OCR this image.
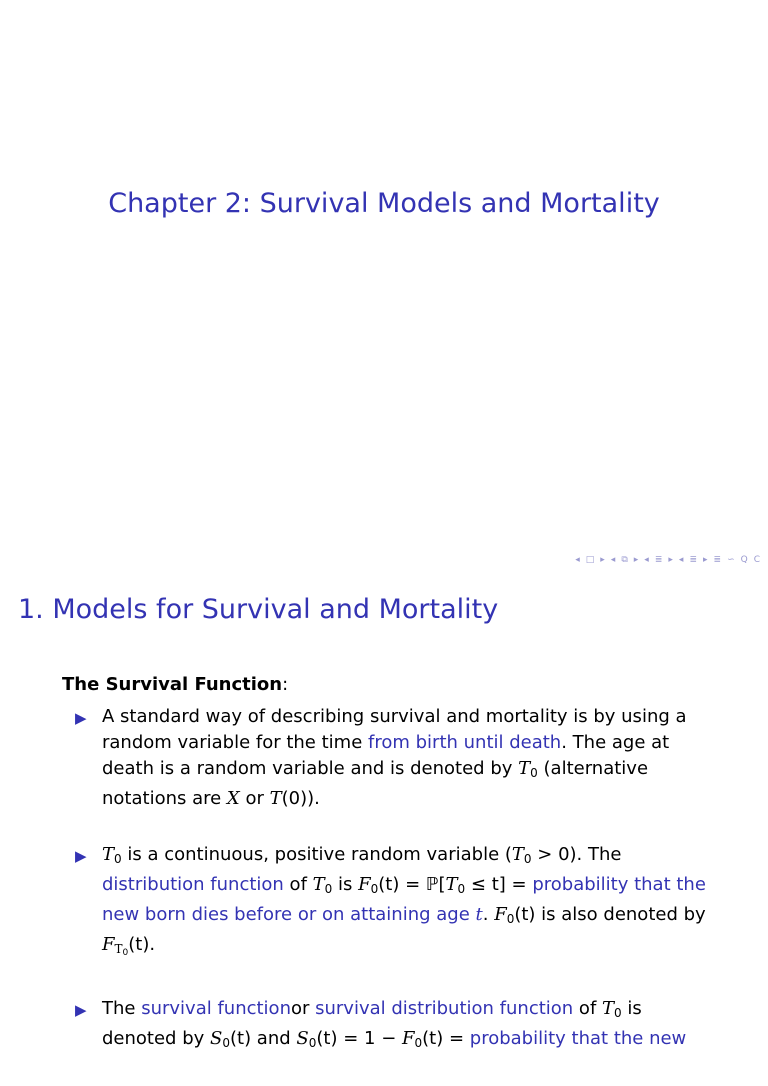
Chapter 2: Survival Models and Mortality
◂ □ ▸ ◂ ⧉ ▸ ◂ ≣ ▸ ◂ ≣ ▸ ≣ ∽ Q C
1. Models for Survival and Mortality
The Survival Function:
▶ A standard way of describing survival and mortality is by using a random variable for the time from birth until death. The age at death is a random variable and is denoted by $T_0$ (alternative notations are X or T(0)).
▶ $T_0$ is a continuous, positive random variable $(T_0 > 0)$. The distribution function of $T_0$ is $F_0(t)$ = $ℙ[T_0 \le t]$ = probability that the new born dies before or on attaining age t. $F_0(t)$ is also denoted by $F_{T0}(t)$.
▶ The survival functionor survival distribution function of $T_0$ is denoted by $S_0(t)$ and $S_0(t) = 1 - F_0(t)$ = probability that the new
